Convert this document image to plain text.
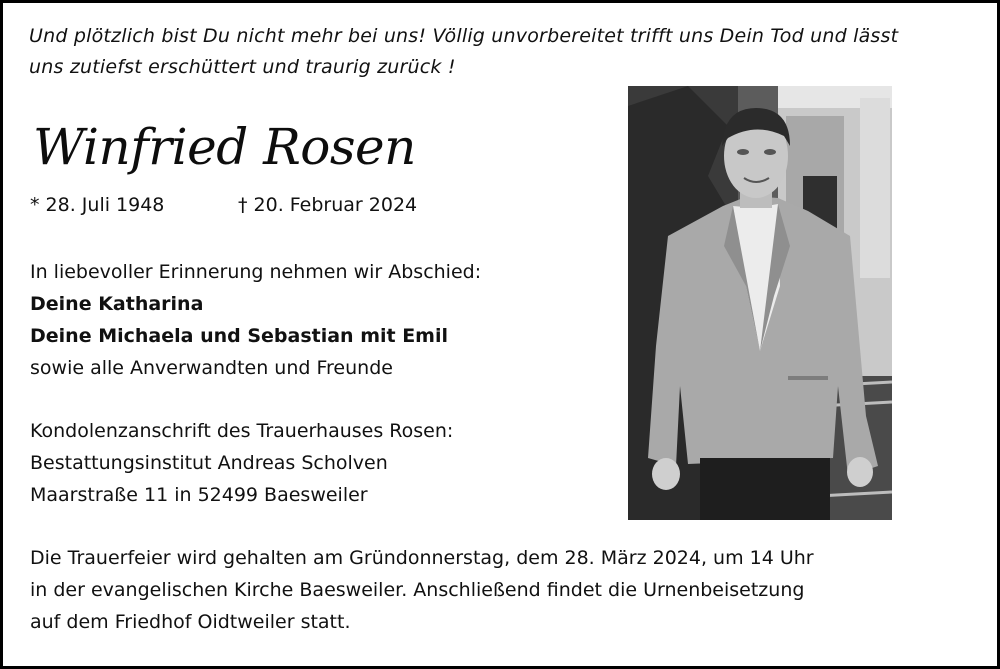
Und plötzlich bist Du nicht mehr bei uns! Völlig unvorbereitet trifft uns Dein Tod und lässt
uns zutiefst erschüttert und traurig zurück !
Winfried Rosen
* 28. Juli 1948	† 20. Februar 2024
In liebevoller Erinnerung nehmen wir Abschied:
Deine Katharina
Deine Michaela und Sebastian mit Emil
sowie alle Anverwandten und Freunde
Kondolenzanschrift des Trauerhauses Rosen:
Bestattungsinstitut Andreas Scholven
Maarstraße 11 in 52499 Baesweiler
Die Trauerfeier wird gehalten am Gründonnerstag, dem 28. März 2024, um 14 Uhr
in der evangelischen Kirche Baesweiler. Anschließend findet die Urnenbeisetzung
auf dem Friedhof Oidtweiler statt.
